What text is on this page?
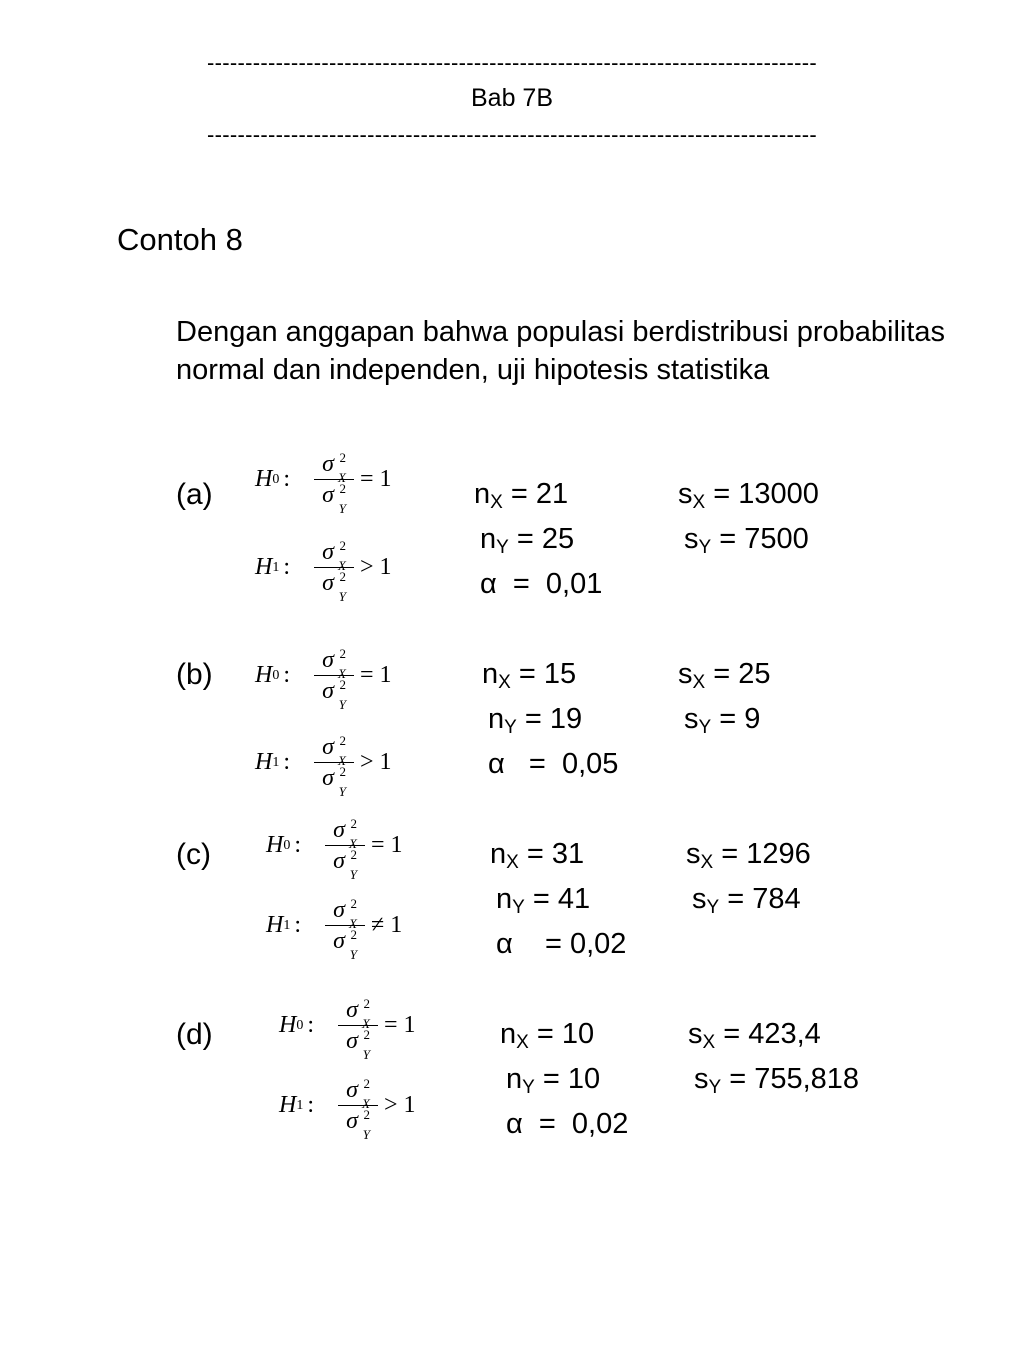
--------------------------------------------------------------------------------
Bab 7B
--------------------------------------------------------------------------------
Contoh 8
Dengan anggapan bahwa populasi berdistribusi probabilitas normal dan independen, uji hipotesis statistika
(a) H 0 :
σ 2
X
σ 2
Y
= 1
H 1 :
σ 2
X
σ 2
Y
> 1
$n_X = 21$	$s_X = 13000$
$n_Y = 25$	$s_Y = 7500$
α  =  0,01
(b) H 0 :
σ 2
X
σ 2
Y
= 1
H 1 :
σ 2
X
σ 2
Y
> 1
$n_X = 15$	$s_X = 25$
$n_Y = 19$	$s_Y = 9$
α   =  0,05
(c) H 0 :
σ 2
X
σ 2
Y
= 1
H 1 :
σ 2
X
σ 2
Y
≠ 1
$n_X = 31$	$s_X = 1296$
$n_Y = 41$	$s_Y = 784$
α    = 0,02
(d)	H 0 :
σ 2
X
σ 2
Y
= 1
H 1 :
σ 2
X
σ 2
Y
> 1
$n_X = 10$	$s_X = 423,4$
$n_Y = 10$	$s_Y = 755,818$
α  =  0,02
